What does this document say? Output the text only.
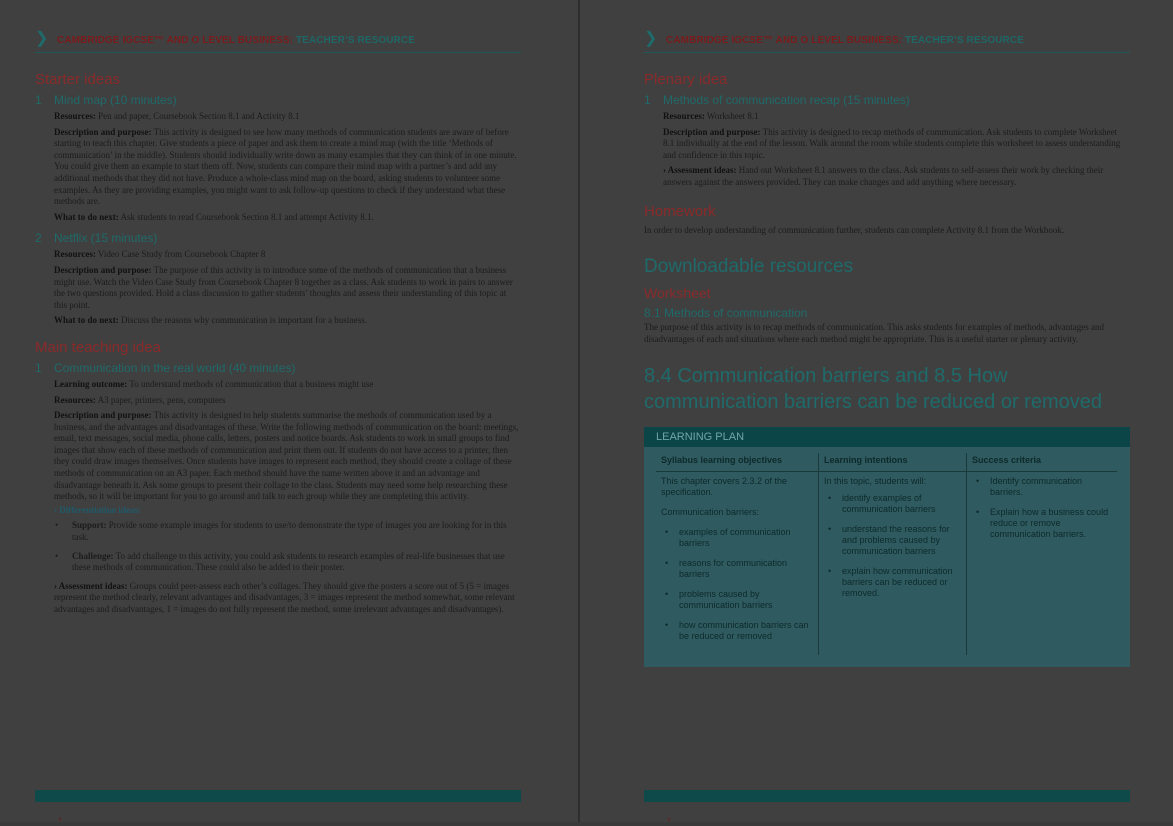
❯ CAMBRIDGE IGCSE™ AND O LEVEL BUSINESS: TEACHER’S RESOURCE
Starter ideas
1 Mind map (10 minutes)
Resources: Pen and paper, Coursebook Section 8.1 and Activity 8.1
Description and purpose: This activity is designed to see how many methods of communication students are aware of before starting to teach this chapter. Give students a piece of paper and ask them to create a mind map (with the title ‘Methods of communication’ in the middle). Students should individually write down as many examples that they can think of in one minute. You could give them an example to start them off. Now, students can compare their mind map with a partner’s and add any additional methods that they did not have. Produce a whole-class mind map on the board, asking students to volunteer some examples. As they are providing examples, you might want to ask follow-up questions to check if they understand what these methods are.
What to do next: Ask students to read Coursebook Section 8.1 and attempt Activity 8.1.
2 Netflix (15 minutes)
Resources: Video Case Study from Coursebook Chapter 8
Description and purpose: The purpose of this activity is to introduce some of the methods of communication that a business might use. Watch the Video Case Study from Coursebook Chapter 8 together as a class. Ask students to work in pairs to answer the two questions provided. Hold a class discussion to gather students’ thoughts and assess their understanding of this topic at this point.
What to do next: Discuss the reasons why communication is important for a business.
Main teaching idea
1 Communication in the real world (40 minutes)
Learning outcome: To understand methods of communication that a business might use
Resources: A3 paper, printers, pens, computers
Description and purpose: This activity is designed to help students summarise the methods of communication used by a business, and the advantages and disadvantages of these. Write the following methods of communication on the board: meetings, email, text messages, social media, phone calls, letters, posters and notice boards. Ask students to work in small groups to find images that show each of these methods of communication and print them out. If students do not have access to a printer, then they could draw images themselves. Once students have images to represent each method, they should create a collage of these methods of communication on an A3 paper. Each method should have the name written above it and an advantage and disadvantage beneath it. Ask some groups to present their collage to the class. Students may need some help researching these methods, so it will be important for you to go around and talk to each group while they are completing this activity.
› Differentiation ideas:
• Support: Provide some example images for students to use/to demonstrate the type of images you are looking for in this task.
• Challenge: To add challenge to this activity, you could ask students to research examples of real-life businesses that use these methods of communication. These could also be added to their poster.
› Assessment ideas: Groups could peer-assess each other’s collages. They should give the posters a score out of 5 (5 = images represent the method clearly, relevant advantages and disadvantages, 3 = images represent the method somewhat, some relevant advantages and disadvantages, 1 = images do not fully represent the method, some irrelevant advantages and disadvantages).
›
❯ CAMBRIDGE IGCSE™ AND O LEVEL BUSINESS: TEACHER’S RESOURCE
Plenary idea
1 Methods of communication recap (15 minutes)
Resources: Worksheet 8.1
Description and purpose: This activity is designed to recap methods of communication. Ask students to complete Worksheet 8.1 individually at the end of the lesson. Walk around the room while students complete this worksheet to assess understanding and confidence in this topic.
› Assessment ideas: Hand out Worksheet 8.1 answers to the class. Ask students to self-assess their work by checking their answers against the answers provided. They can make changes and add anything where necessary.
Homework
In order to develop understanding of communication further, students can complete Activity 8.1 from the Workbook.
Downloadable resources
Worksheet
8.1 Methods of communication
The purpose of this activity is to recap methods of communication. This asks students for examples of methods, advantages and disadvantages of each and situations where each method might be appropriate. This is a useful starter or plenary activity.
8.4 Communication barriers and 8.5 How communication barriers can be reduced or removed
LEARNING PLAN
Syllabus learning objectives

This chapter covers 2.3.2 of the specification.

Communication barriers:

• examples of communication barriers
• reasons for communication barriers
• problems caused by communication barriers
• how communication barriers can be reduced or removed
Learning intentions

In this topic, students will:

• identify examples of communication barriers
• understand the reasons for and problems caused by communication barriers
• explain how communication barriers can be reduced or removed.
Success criteria
• Identify communication barriers.
• Explain how a business could reduce or remove communication barriers.
›
